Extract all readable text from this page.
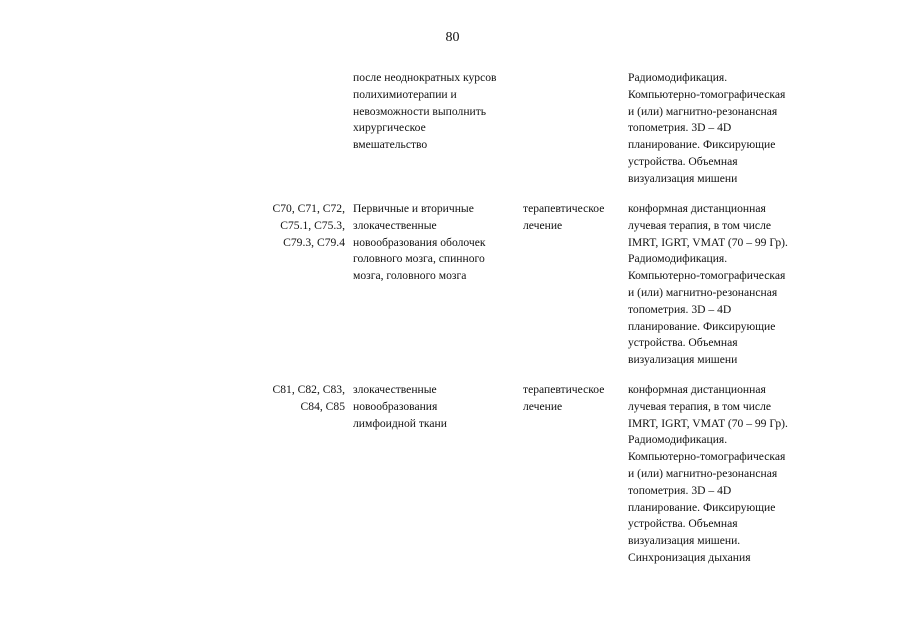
80
после неоднократных курсов
полихимиотерапии и
невозможности выполнить
хирургическое
вмешательство
Радиомодификация.
Компьютерно-томографическая
и (или) магнитно-резонансная
топометрия. 3D – 4D
планирование. Фиксирующие
устройства. Объемная
визуализация мишени
C70, C71, C72,
C75.1, C75.3,
C79.3, C79.4
Первичные и вторичные
злокачественные
новообразования оболочек
головного мозга, спинного
мозга, головного мозга
терапевтическое
лечение
конформная дистанционная
лучевая терапия, в том числе
IMRT, IGRT, VMAT (70 – 99 Гр).
Радиомодификация.
Компьютерно-томографическая
и (или) магнитно-резонансная
топометрия. 3D – 4D
планирование. Фиксирующие
устройства. Объемная
визуализация мишени
C81, C82, C83,
C84, C85
злокачественные
новообразования
лимфоидной ткани
терапевтическое
лечение
конформная дистанционная
лучевая терапия, в том числе
IMRT, IGRT, VMAT (70 – 99 Гр).
Радиомодификация.
Компьютерно-томографическая
и (или) магнитно-резонансная
топометрия. 3D – 4D
планирование. Фиксирующие
устройства. Объемная
визуализация мишени.
Синхронизация дыхания
